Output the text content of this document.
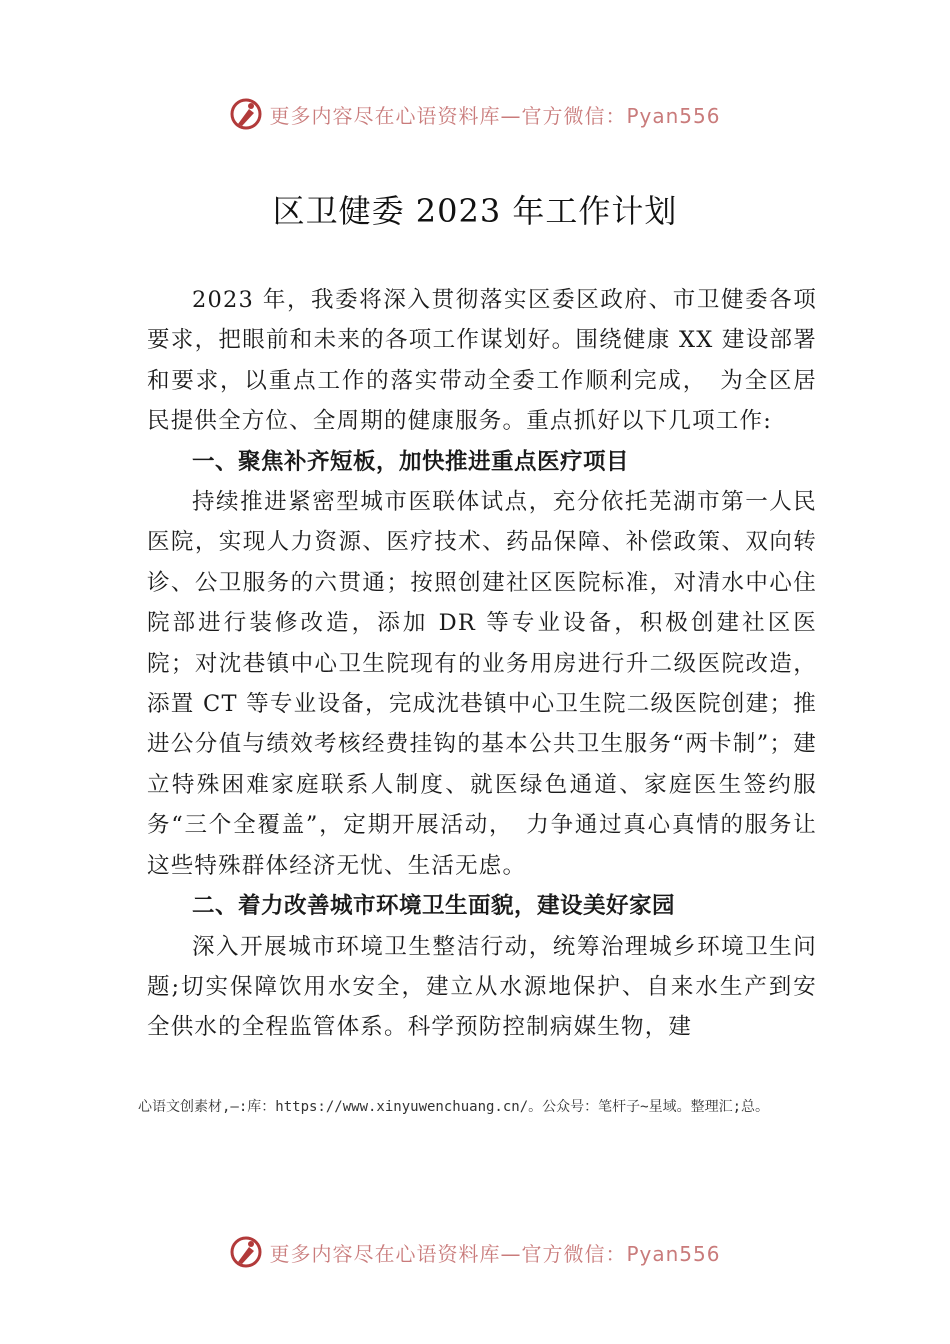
更多内容尽在心语资料库—官方微信：Pyan556
区卫健委 2023 年工作计划

2023 年，我委将深入贯彻落实区委区政府、市卫健委各项要求，把眼前和未来的各项工作谋划好。围绕健康 XX 建设部署和要求，以重点工作的落实带动全委工作顺利完成，　为全区居民提供全方位、全周期的健康服务。重点抓好以下几项工作:

一、聚焦补齐短板，加快推进重点医疗项目

持续推进紧密型城市医联体试点，充分依托芜湖市第一人民医院，实现人力资源、医疗技术、药品保障、补偿政策、双向转诊、公卫服务的六贯通；按照创建社区医院标准，对清水中心住院部进行装修改造，添加 DR 等专业设备，积极创建社区医院；对沈巷镇中心卫生院现有的业务用房进行升二级医院改造，添置 CT 等专业设备，完成沈巷镇中心卫生院二级医院创建；推进公分值与绩效考核经费挂钩的基本公共卫生服务“两卡制”；建立特殊困难家庭联系人制度、就医绿色通道、家庭医生签约服务“三个全覆盖”，定期开展活动，　力争通过真心真情的服务让这些特殊群体经济无忧、生活无虑。

二、着力改善城市环境卫生面貌，建设美好家园

深入开展城市环境卫生整洁行动，统筹治理城乡环境卫生问题;切实保障饮用水安全，建立从水源地保护、自来水生产到安全供水的全程监管体系。科学预防控制病媒生物，建

心语文创素材,—:库：https://www.xinyuwenchuang.cn/。公众号：笔杆子~星域。整理汇;总。
更多内容尽在心语资料库—官方微信：Pyan556
